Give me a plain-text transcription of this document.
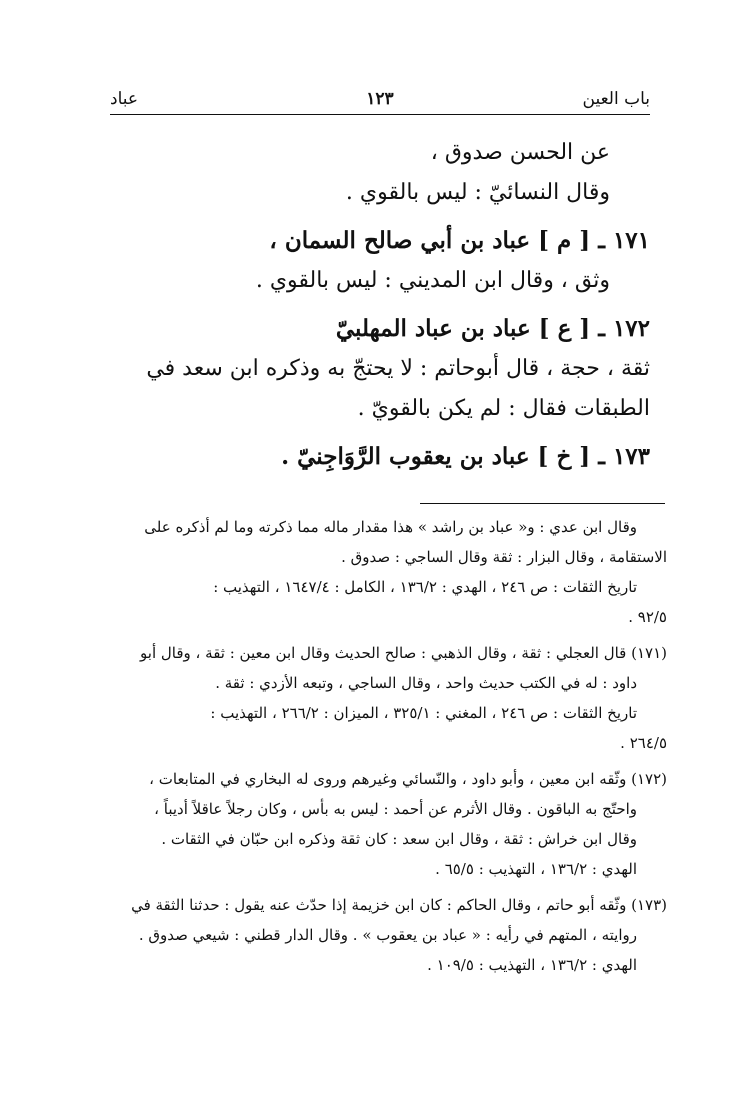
باب العين
١٢٣
عباد
عن الحسن صدوق ،
وقال النسائيّ : ليس بالقوي .
١٧١ ـ [ م ] عباد بن أبي صالح السمان ،
وثق ، وقال ابن المديني : ليس بالقوي .
١٧٢ ـ [ ع ] عباد بن عباد المهلبيّ
ثقة ، حجة ، قال أبوحاتم : لا يحتجّ به وذكره ابن سعد في
الطبقات فقال : لم يكن بالقويّ .
١٧٣ ـ [ خ ] عباد بن يعقوب الرَّوَاجِنيّ .
وقال ابن عدي : و« عباد بن راشد » هذا مقدار ماله مما ذكرته وما لم أذكره على
الاستقامة ، وقال البزار : ثقة وقال الساجي : صدوق .
تاريخ الثقات : ص ٢٤٦ ، الهدي : ١٣٦/٢ ، الكامل : ١٦٤٧/٤ ، التهذيب :
٩٢/٥ .
(١٧١) قال العجلي : ثقة ، وقال الذهبي : صالح الحديث وقال ابن معين : ثقة ، وقال أبو
داود : له في الكتب حديث واحد ، وقال الساجي ، وتبعه الأزدي : ثقة .
تاريخ الثقات : ص ٢٤٦ ، المغني : ٣٢٥/١ ، الميزان : ٢٦٦/٢ ، التهذيب :
٢٦٤/٥ .
(١٧٢) وثّقه ابن معين ، وأبو داود ، والنّسائي وغيرهم وروى له البخاري في المتابعات ،
واحتّج به الباقون . وقال الأثرم عن أحمد : ليس به بأس ، وكان رجلاً عاقلاً أديباً ،
وقال ابن خراش : ثقة ، وقال ابن سعد : كان ثقة وذكره ابن حبّان في الثقات .
الهدي : ١٣٦/٢ ، التهذيب : ٦٥/٥ .
(١٧٣) وثّقه أبو حاتم ، وقال الحاكم : كان ابن خزيمة إذا حدّث عنه يقول : حدثنا الثقة في
روايته ، المتهم في رأيه : « عباد بن يعقوب » . وقال الدار قطني : شيعي صدوق .
الهدي : ١٣٦/٢ ، التهذيب : ١٠٩/٥ .
